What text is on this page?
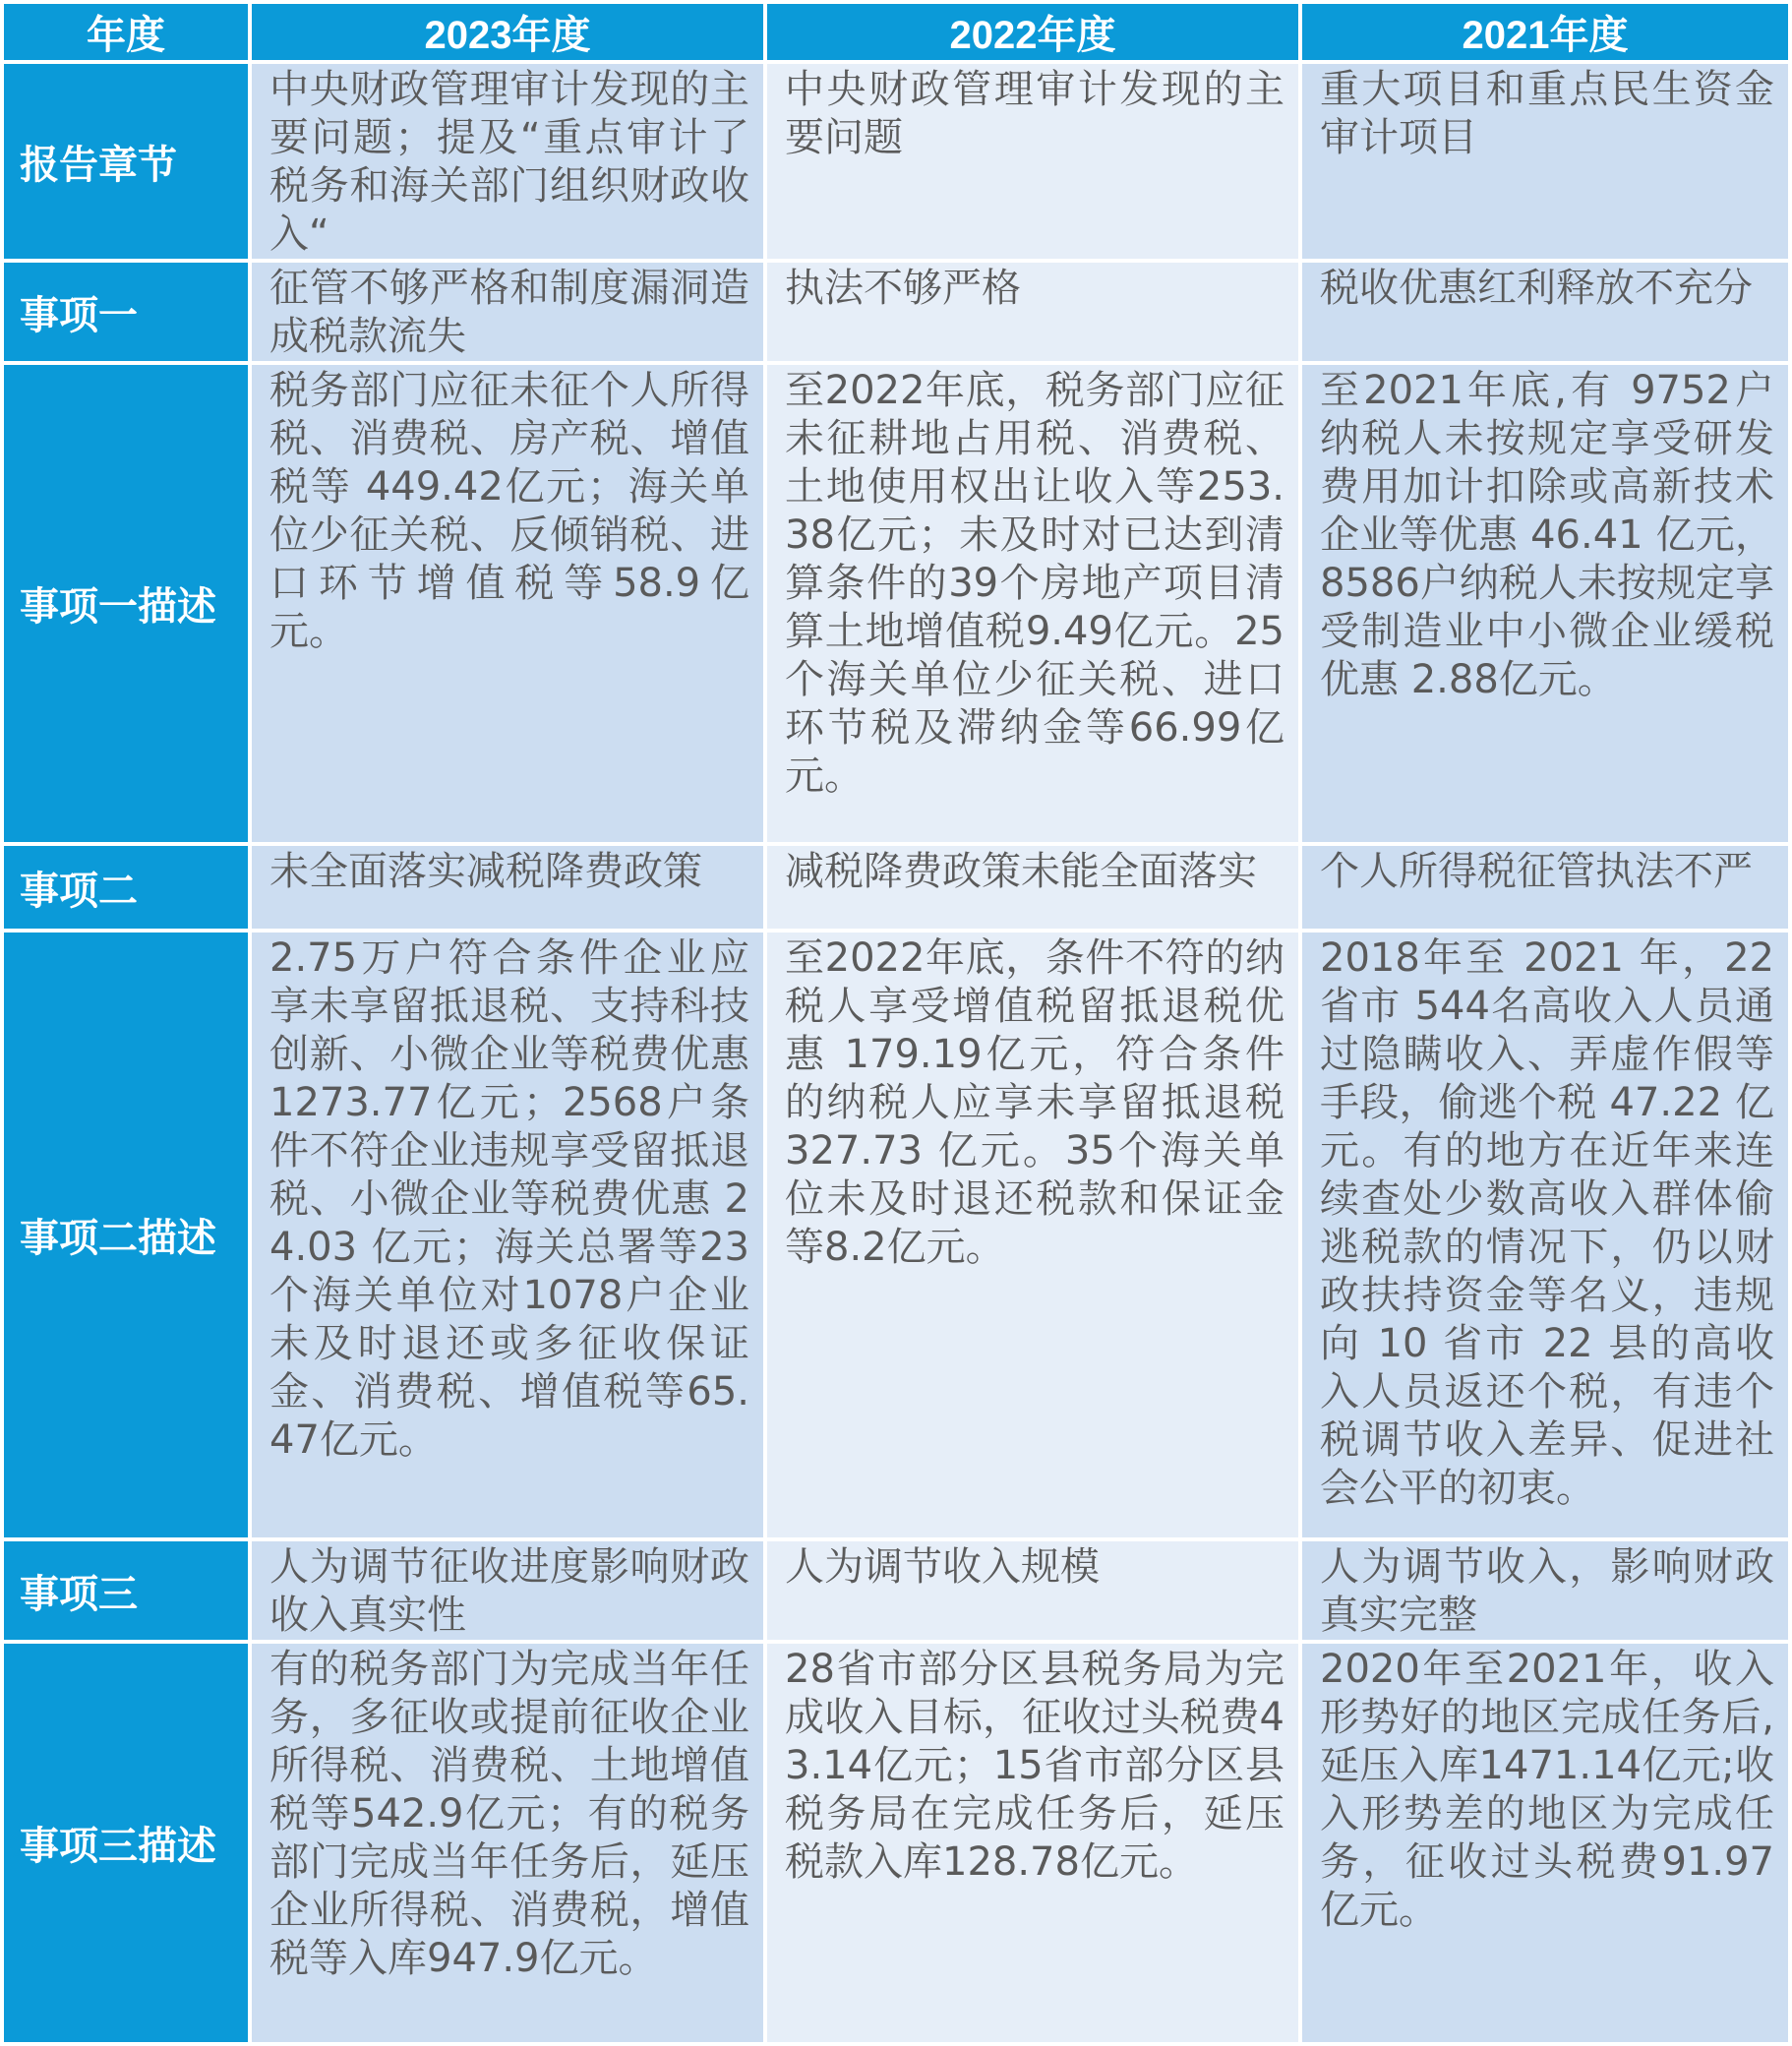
年度	2023年度	2022年度	2021年度
报告章节	中央财政管理审计发现的主要问题；提及“重点审计了税务和海关部门组织财政收入“	中央财政管理审计发现的主要问题	重大项目和重点民生资金审计项目
事项一	征管不够严格和制度漏洞造成税款流失	执法不够严格	税收优惠红利释放不充分
事项一描述	税务部门应征未征个人所得税、消费税、房产税、增值税等 449.42亿元；海关单位少征关税、反倾销税、进口环节增值税等58.9亿元。	至2022年底，税务部门应征未征耕地占用税、消费税、土地使用权出让收入等253.38亿元；未及时对已达到清算条件的39个房地产项目清算土地增值税9.49亿元。25个海关单位少征关税、进口环节税及滞纳金等66.99亿元。	至2021年底,有 9752户纳税人未按规定享受研发费用加计扣除或高新技术企业等优惠 46.41 亿元，8586户纳税人未按规定享受制造业中小微企业缓税优惠 2.88亿元。
事项二	未全面落实减税降费政策	减税降费政策未能全面落实	个人所得税征管执法不严
事项二描述	2.75万户符合条件企业应享未享留抵退税、支持科技创新、小微企业等税费优惠1273.77亿元；2568户条件不符企业违规享受留抵退税、小微企业等税费优惠 24.03 亿元；海关总署等23个海关单位对1078户企业未及时退还或多征收保证金、消费税、增值税等65.47亿元。	至2022年底，条件不符的纳税人享受增值税留抵退税优惠 179.19亿元，符合条件的纳税人应享未享留抵退税 327.73 亿元。35个海关单位未及时退还税款和保证金等8.2亿元。	2018年至 2021 年，22 省市 544名高收入人员通过隐瞒收入、弄虚作假等手段，偷逃个税 47.22 亿元。有的地方在近年来连续查处少数高收入群体偷逃税款的情况下，仍以财政扶持资金等名义，违规向 10 省市 22 县的高收入人员返还个税，有违个税调节收入差异、促进社会公平的初衷。
事项三	人为调节征收进度影响财政收入真实性	人为调节收入规模	人为调节收入，影响财政真实完整
事项三描述	有的税务部门为完成当年任务，多征收或提前征收企业所得税、消费税、土地增值税等542.9亿元；有的税务部门完成当年任务后，延压企业所得税、消费税，增值税等入库947.9亿元。	28省市部分区县税务局为完成收入目标，征收过头税费43.14亿元；15省市部分区县税务局在完成任务后，延压税款入库128.78亿元。	2020年至2021年，收入形势好的地区完成任务后,延压入库1471.14亿元;收入形势差的地区为完成任务，征收过头税费91.97亿元。
